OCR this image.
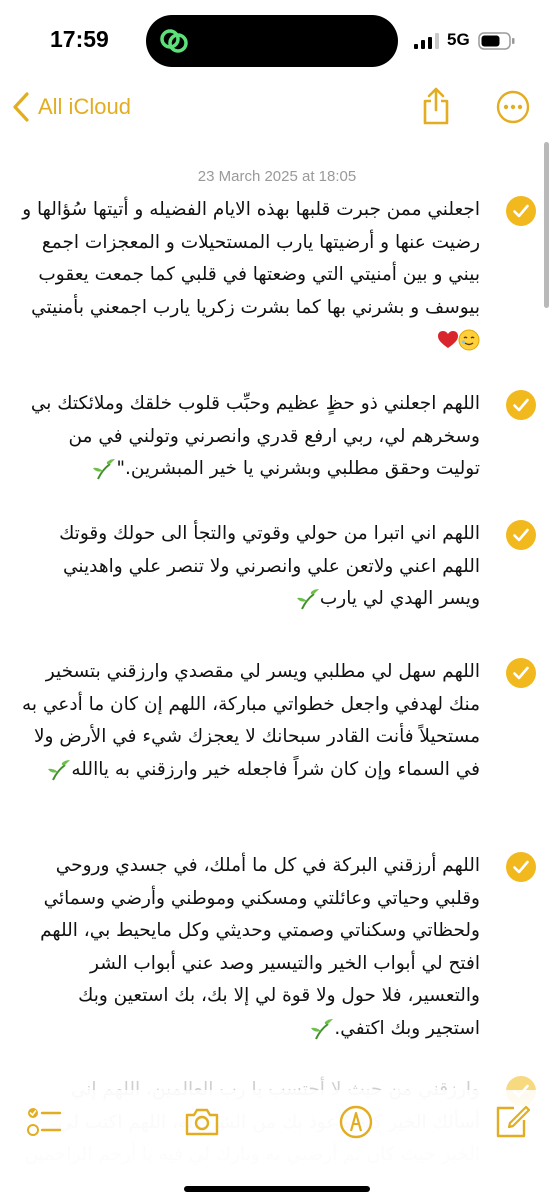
17:59	5G
All iCloud
23 March 2025 at 18:05
اجعلني ممن جبرت قلبها بهذه الايام الفضيله و أتيتها سُؤالها و رضيت عنها و أرضيتها يارب المستحيلات و المعجزات اجمع بيني و بين أمنيتي التي وضعتها في قلبي كما جمعت يعقوب بيوسف و بشرني بها كما بشرت زكريا يارب اجمعني بأمنيتي
اللهم اجعلني ذو حظٍ عظيم وحبِّب قلوب خلقك وملائكتك بي وسخرهم لي، ربي ارفع قدري وانصرني وتولني في من توليت وحقق مطلبي وبشرني يا خير المبشرين."
اللهم اني اتبرا من حولي وقوتي والتجأ الى حولك وقوتك اللهم اعني ولاتعن علي وانصرني ولا تنصر علي واهديني ويسر الهدي لي يارب
اللهم سهل لي مطلبي ويسر لي مقصدي وارزقني بتسخير منك لهدفي واجعل خطواتي مباركة، اللهم إن كان ما أدعي به مستحيلاً فأنت القادر سبحانك لا يعجزك شيء في الأرض ولا في السماء وإن كان شراً فاجعله خير وارزقني به ياالله
اللهم أرزقني البركة في كل ما أملك، في جسدي وروحي وقلبي وحياتي وعائلتي ومسكني وموطني وأرضي وسمائي ولحظاتي وسكناتي وصمتي وحديثي وكل مايحيط بي، اللهم افتح لي أبواب الخير والتيسير وصد عني أبواب الشر والتعسير، فلا حول ولا قوة لي إلا بك، بك استعين وبك استجير وبك اكتفي.
